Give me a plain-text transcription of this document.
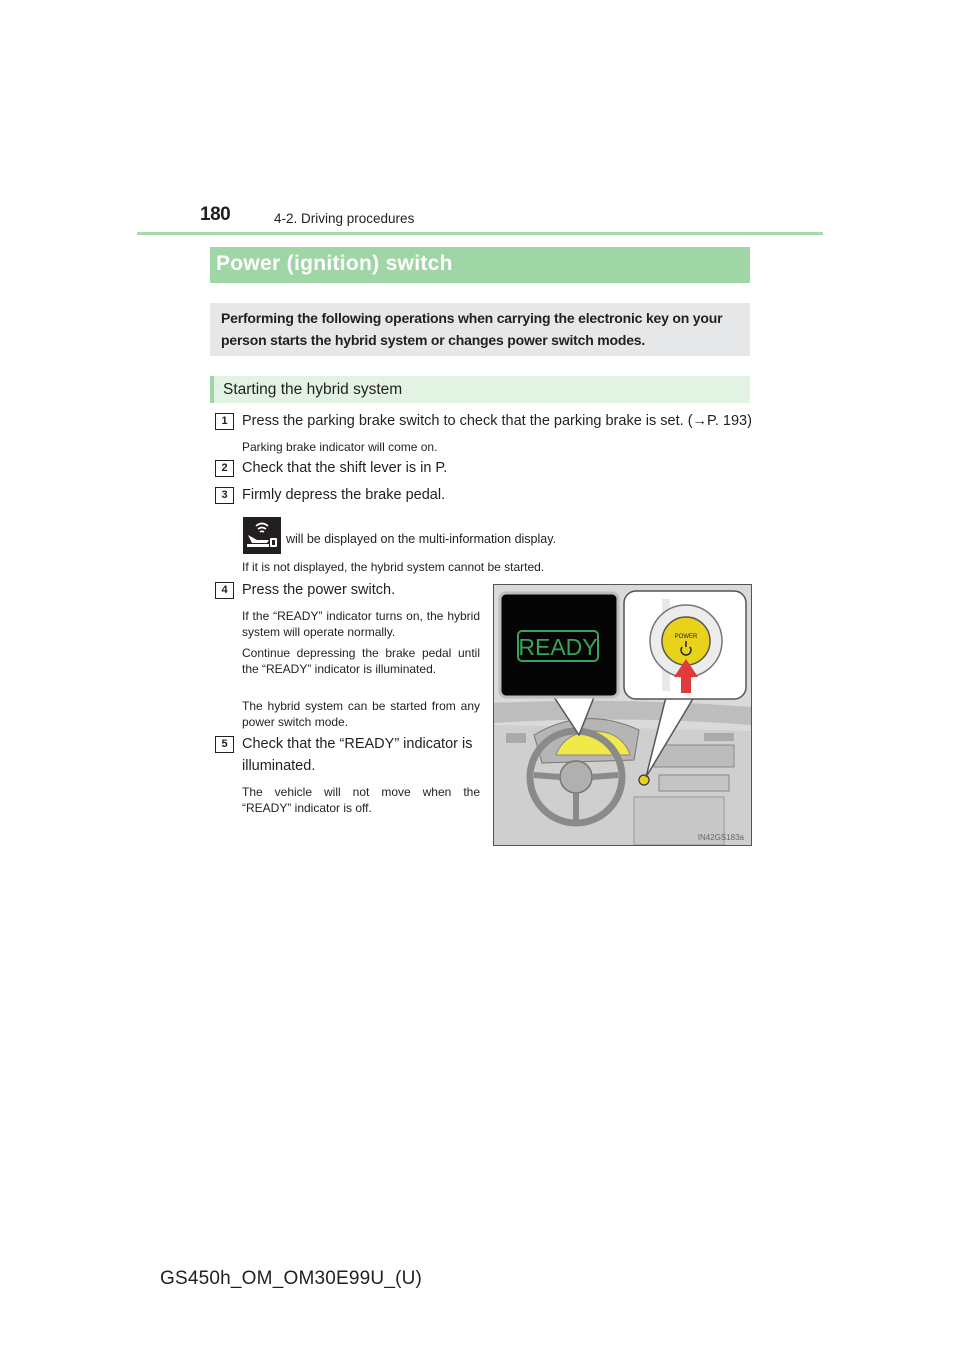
180	4-2. Driving procedures
Power (ignition) switch
Performing the following operations when carrying the electronic key on your person starts the hybrid system or changes power switch modes.
Starting the hybrid system
1 Press the parking brake switch to check that the parking brake is set. (→P. 193)
Parking brake indicator will come on.
2 Check that the shift lever is in P.
3 Firmly depress the brake pedal.
will be displayed on the multi-information display.
If it is not displayed, the hybrid system cannot be started.
4 Press the power switch.
If the “READY” indicator turns on, the hybrid system will operate normally.
Continue depressing the brake pedal until the “READY” indicator is illuminated.
The hybrid system can be started from any power switch mode.
5 Check that the “READY” indicator is illuminated.
The vehicle will not move when the “READY” indicator is off.
READY	POWER
IN42GS183a
GS450h_OM_OM30E99U_(U)
